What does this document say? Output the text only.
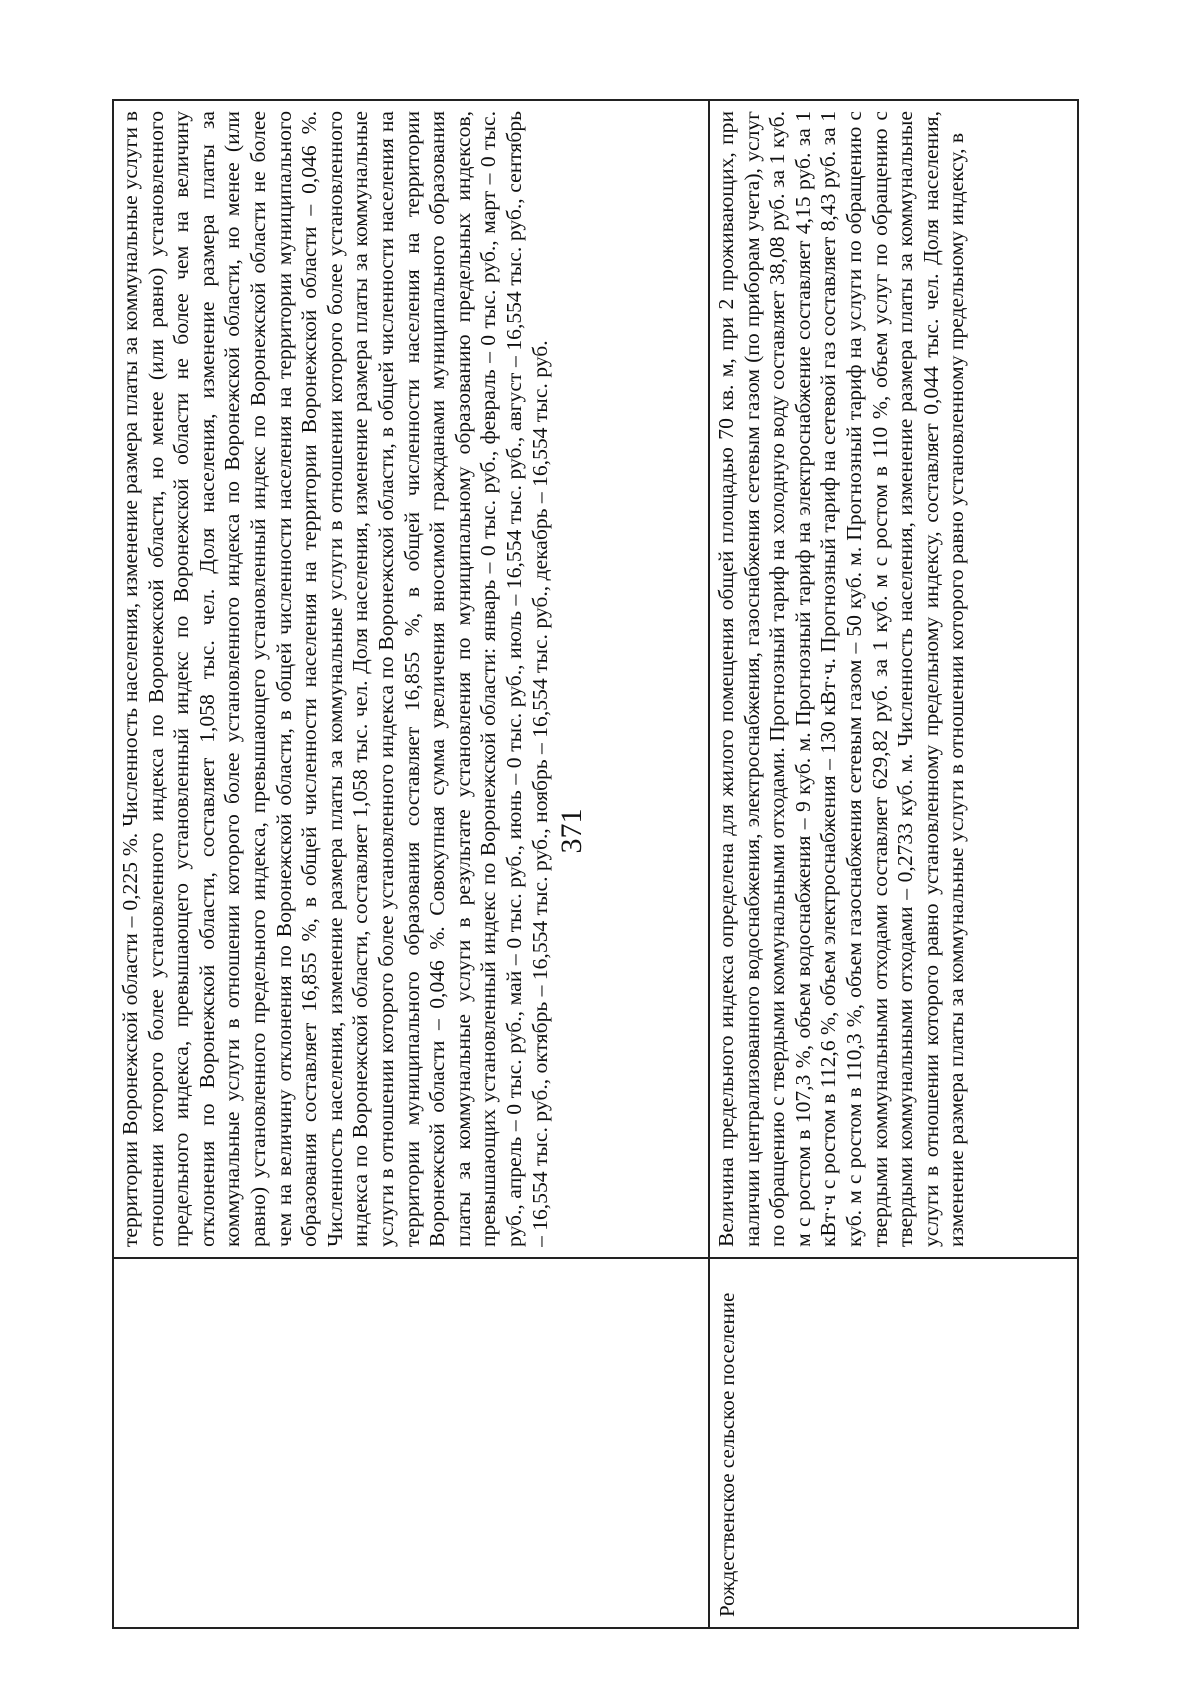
371

	территории Воронежской области – 0,225 %. Численность населения, изменение размера платы за коммунальные услуги в отношении которого более установленного индекса по Воронежской области, но менее (или равно) установленного предельного индекса, превышающего установленный индекс по Воронежской области не более чем на величину отклонения по Воронежской области, составляет 1,058 тыс. чел. Доля населения, изменение размера платы за коммунальные услуги в отношении которого более установленного индекса по Воронежской области, но менее (или равно) установленного предельного индекса, превышающего установленный индекс по Воронежской области не более чем на величину отклонения по Воронежской области, в общей численности населения на территории муниципального образования составляет 16,855 %, в общей численности населения на территории Воронежской области – 0,046 %. Численность населения, изменение размера платы за коммунальные услуги в отношении которого более установленного индекса по Воронежской области, составляет 1,058 тыс. чел. Доля населения, изменение размера платы за коммунальные услуги в отношении которого более установленного индекса по Воронежской области, в общей численности населения на территории муниципального образования составляет 16,855 %, в общей численности населения на территории Воронежской области – 0,046 %. Совокупная сумма увеличения вносимой гражданами муниципального образования платы за коммунальные услуги в результате установления по муниципальному образованию предельных индексов, превышающих установленный индекс по Воронежской области: январь – 0 тыс. руб., февраль – 0 тыс. руб., март – 0 тыс. руб., апрель – 0 тыс. руб., май – 0 тыс. руб., июнь – 0 тыс. руб., июль – 16,554 тыс. руб., август – 16,554 тыс. руб., сентябрь – 16,554 тыс. руб., октябрь – 16,554 тыс. руб., ноябрь – 16,554 тыс. руб., декабрь – 16,554 тыс. руб.

Рождественское сельское поселение	Величина предельного индекса определена для жилого помещения общей площадью 70 кв. м, при 2 проживающих, при наличии централизованного водоснабжения, электроснабжения, газоснабжения сетевым газом (по приборам учета), услуг по обращению с твердыми коммунальными отходами. Прогнозный тариф на холодную воду составляет 38,08 руб. за 1 куб. м с ростом в 107,3 %, объем водоснабжения – 9 куб. м. Прогнозный тариф на электроснабжение составляет 4,15 руб. за 1 кВт·ч с ростом в 112,6 %, объем электроснабжения – 130 кВт·ч. Прогнозный тариф на сетевой газ составляет 8,43 руб. за 1 куб. м с ростом в 110,3 %, объем газоснабжения сетевым газом – 50 куб. м. Прогнозный тариф на услуги по обращению с твердыми коммунальными отходами составляет 629,82 руб. за 1 куб. м с ростом в 110 %, объем услуг по обращению с твердыми коммунальными отходами – 0,2733 куб. м. Численность населения, изменение размера платы за коммунальные услуги в отношении которого равно установленному предельному индексу, составляет 0,044 тыс. чел. Доля населения, изменение размера платы за коммунальные услуги в отношении которого равно установленному предельному индексу, в
